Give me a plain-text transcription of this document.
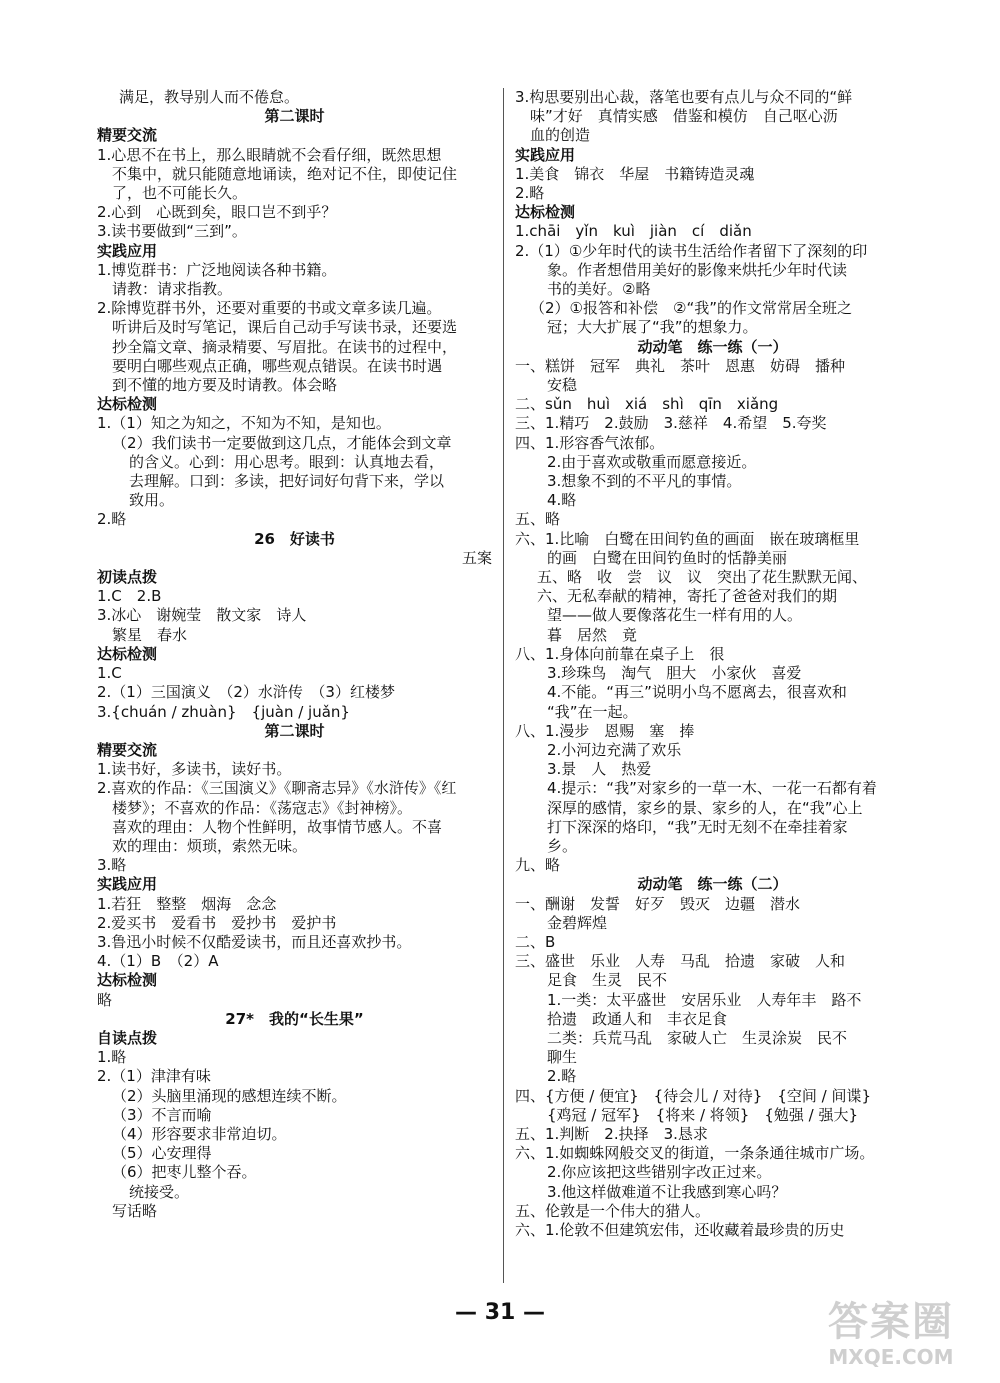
满足，教导别人而不倦怠。
第二课时
精要交流
1.心思不在书上，那么眼睛就不会看仔细，既然思想
不集中，就只能随意地诵读，绝对记不住，即使记住
了，也不可能长久。
2.心到　心既到矣，眼口岂不到乎？
3.读书要做到“三到”。
实践应用
1.博览群书：广泛地阅读各种书籍。
请教：请求指教。
2.除博览群书外，还要对重要的书或文章多读几遍。
听讲后及时写笔记，课后自己动手写读书录，还要选
抄全篇文章、摘录精要、写眉批。在读书的过程中，
要明白哪些观点正确，哪些观点错误。在读书时遇
到不懂的地方要及时请教。体会略
达标检测
1.（1）知之为知之，不知为不知，是知也。
（2）我们读书一定要做到这几点，才能体会到文章
的含义。心到：用心思考。眼到：认真地去看，
去理解。口到：多读，把好词好句背下来，学以
致用。
2.略
26　好读书
五案
初读点拨
1.C　2.B
3.冰心　谢婉莹　散文家　诗人
繁星　春水
达标检测
1.C
2.（1）三国演义　（2）水浒传　（3）红楼梦
3.{chuán / zhuàn}　{juàn / juǎn}
第二课时
精要交流
1.读书好，多读书，读好书。
2.喜欢的作品：《三国演义》《聊斋志异》《水浒传》《红
楼梦》；不喜欢的作品：《荡寇志》《封神榜》。
喜欢的理由：人物个性鲜明，故事情节感人。不喜
欢的理由：烦琐，索然无味。
3.略
实践应用
1.若狂　整整　烟海　念念
2.爱买书　爱看书　爱抄书　爱护书
3.鲁迅小时候不仅酷爱读书，而且还喜欢抄书。
4.（1）B　（2）A
达标检测
略
27*　我的“长生果”
自读点拨
1.略
2.（1）津津有味
（2）头脑里涌现的感想连续不断。
（3）不言而喻
（4）形容要求非常迫切。
（5）心安理得
（6）把枣儿整个吞。
统接受。
写话略
3.构思要别出心裁，落笔也要有点儿与众不同的“鲜
味”才好　真情实感　借鉴和模仿　自己呕心沥
血的创造
实践应用
1.美食　锦衣　华屋　书籍铸造灵魂
2.略
达标检测
1.chāi　yǐn　kuì　jiàn　cí　diǎn
2.（1）①少年时代的读书生活给作者留下了深刻的印
象。作者想借用美好的影像来烘托少年时代读
书的美好。②略
（2）①报答和补偿　②“我”的作文常常居全班之
冠；大大扩展了“我”的想象力。
动动笔　练一练（一）
一、糕饼　冠军　典礼　茶叶　恩惠　妨碍　播种
安稳
二、sǔn　huì　xiá　shì　qīn　xiǎng
三、1.精巧　2.鼓励　3.慈祥　4.希望　5.夸奖
四、1.形容香气浓郁。
2.由于喜欢或敬重而愿意接近。
3.想象不到的不平凡的事情。
4.略
五、略
六、1.比喻　白鹭在田间钓鱼的画面　嵌在玻璃框里
的画　白鹭在田间钓鱼时的恬静美丽
五、略　收　尝　议　议　突出了花生默默无闻、
六、无私奉献的精神，寄托了爸爸对我们的期
望——做人要像落花生一样有用的人。
暮　居然　竟
八、1.身体向前靠在桌子上　很
3.珍珠鸟　淘气　胆大　小家伙　喜爱
4.不能。“再三”说明小鸟不愿离去，很喜欢和
“我”在一起。
八、1.漫步　恩赐　塞　捧
2.小河边充满了欢乐
3.景　人　热爱
4.提示：“我”对家乡的一草一木、一花一石都有着
深厚的感情，家乡的景、家乡的人，在“我”心上
打下深深的烙印，“我”无时无刻不在牵挂着家
乡。
九、略
动动笔　练一练（二）
一、酬谢　发誓　好歹　毁灭　边疆　潜水
金碧辉煌
二、B
三、盛世　乐业　人寿　马乱　拾遗　家破　人和
足食　生灵　民不
1.一类：太平盛世　安居乐业　人寿年丰　路不
拾遗　政通人和　丰衣足食
二类：兵荒马乱　家破人亡　生灵涂炭　民不
聊生
2.略
四、{方便 / 便宜}　{待会儿 / 对待}　{空间 / 间谍}
{鸡冠 / 冠军}　{将来 / 将领}　{勉强 / 强大}
五、1.判断　2.抉择　3.恳求
六、1.如蜘蛛网般交叉的街道，一条条通往城市广场。
2.你应该把这些错别字改正过来。
3.他这样做难道不让我感到寒心吗？
五、伦敦是一个伟大的猎人。
六、1.伦敦不但建筑宏伟，还收藏着最珍贵的历史
— 31 —	答案圈
MXQE.COM
